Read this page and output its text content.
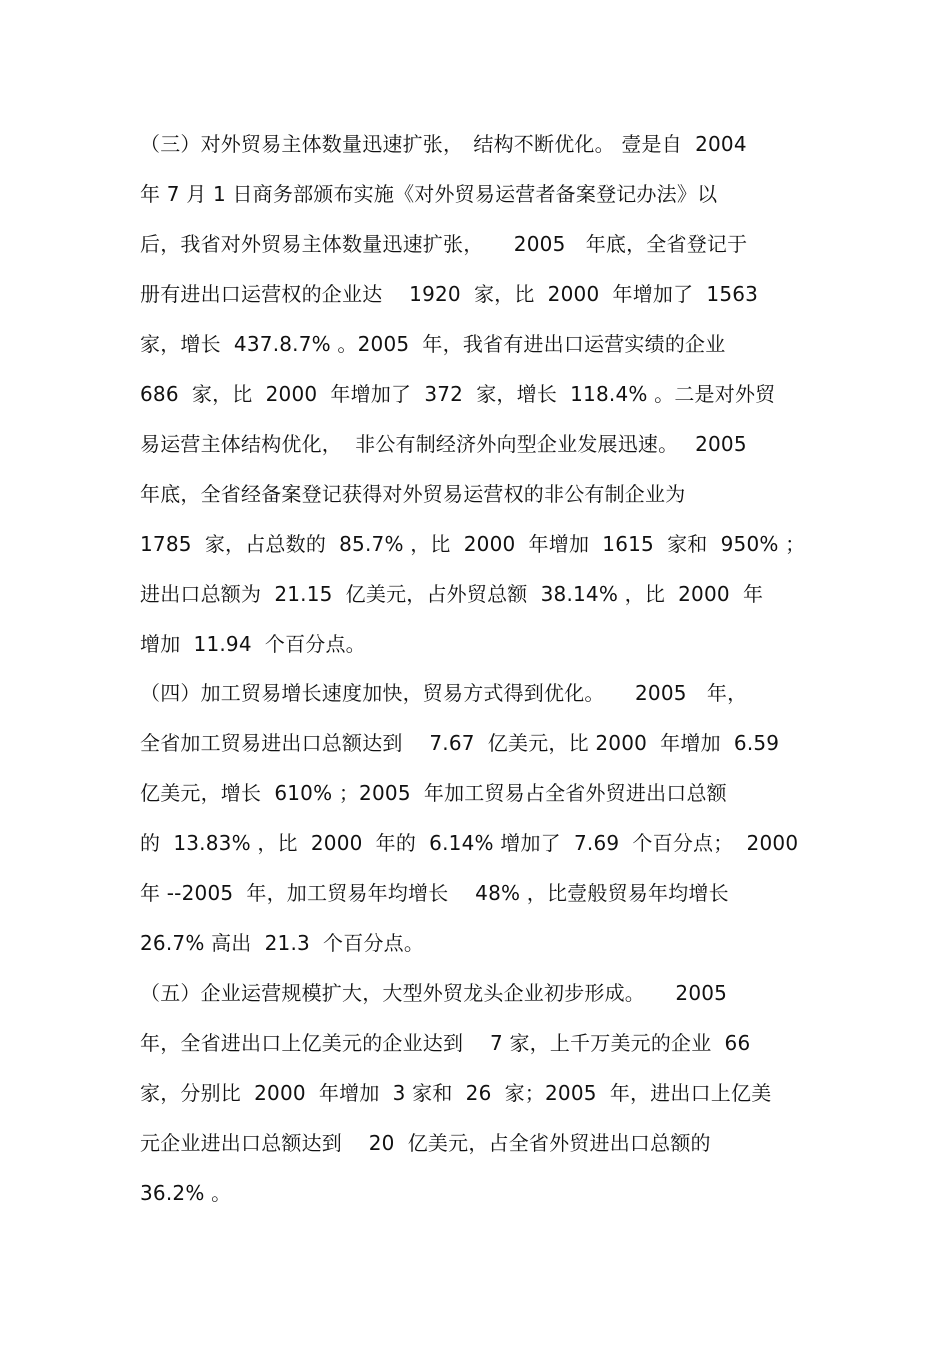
（三）对外贸易主体数量迅速扩张，　结构不断优化。 壹是自  2004
年 7 月 1 日商务部颁布实施《对外贸易运营者备案登记办法》以
后，我省对外贸易主体数量迅速扩张，　　2005　年底，全省登记于
册有进出口运营权的企业达　 1920  家，比  2000  年增加了  1563
家，增长  437.8.7% 。2005  年，我省有进出口运营实绩的企业
686  家，比  2000  年增加了  372  家，增长  118.4% 。二是对外贸
易运营主体结构优化，  非公有制经济外向型企业发展迅速。　 2005
年底，全省经备案登记获得对外贸易运营权的非公有制企业为
1785  家，占总数的  85.7% ，比  2000  年增加  1615  家和  950% ；
进出口总额为  21.15  亿美元，占外贸总额  38.14% ，比  2000  年
增加  11.94  个百分点。
（四）加工贸易增长速度加快，贸易方式得到优化。　　2005　年，
全省加工贸易进出口总额达到　 7.67  亿美元，比 2000  年增加  6.59
亿美元，增长  610% ；2005  年加工贸易占全省外贸进出口总额
的  13.83% ，比  2000  年的  6.14% 增加了  7.69  个百分点；  2000
年 --2005  年，加工贸易年均增长　 48% ，比壹般贸易年均增长
26.7% 高出  21.3  个百分点。
（五）企业运营规模扩大，大型外贸龙头企业初步形成。　　2005
年，全省进出口上亿美元的企业达到　 7 家，上千万美元的企业  66
家，分别比  2000  年增加  3 家和  26  家；2005  年，进出口上亿美
元企业进出口总额达到　 20  亿美元，占全省外贸进出口总额的
36.2% 。
